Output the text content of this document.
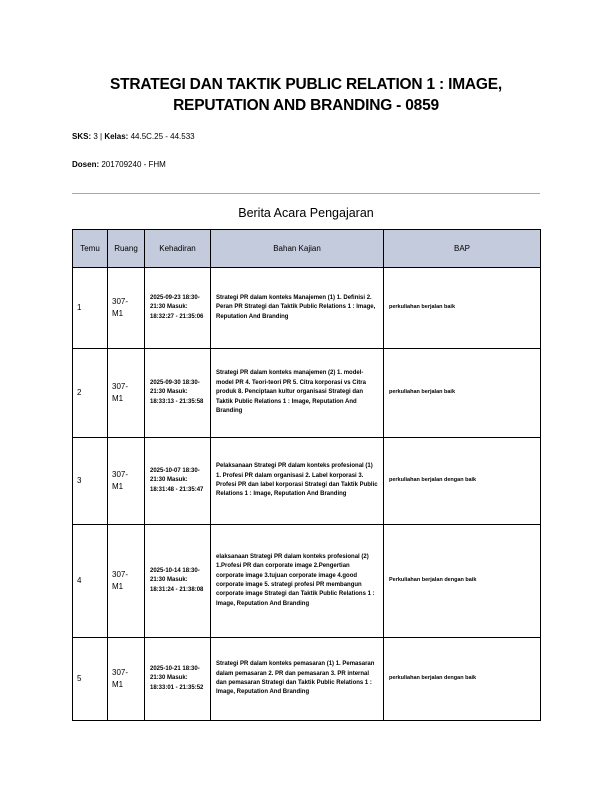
STRATEGI DAN TAKTIK PUBLIC RELATION 1 : IMAGE, REPUTATION AND BRANDING - 0859
SKS: 3 | Kelas: 44.5C.25 - 44.533
Dosen: 201709240 - FHM
Berita Acara Pengajaran
Temu	Ruang	Kehadiran	Bahan Kajian	BAP
1	307-M1	2025-09-23 18:30-21:30 Masuk: 18:32:27 - 21:35:06	Strategi PR dalam konteks Manajemen (1) 1. Definisi 2. Peran PR Strategi dan Taktik Public Relations 1 : Image, Reputation And Branding	perkuliahan berjalan baik
2	307-M1	2025-09-30 18:30-21:30 Masuk: 18:33:13 - 21:35:58	Strategi PR dalam konteks manajemen (2) 1. model-model PR 4. Teori-teori PR 5. Citra korporasi vs Citra produk 8. Penciptaan kultur organisasi Strategi dan Taktik Public Relations 1 : Image, Reputation And Branding	perkuliahan berjalan baik
3	307-M1	2025-10-07 18:30-21:30 Masuk: 18:31:48 - 21:35:47	Pelaksanaan Strategi PR dalam konteks profesional (1) 1. Profesi PR dalam organisasi 2. Label korporasi 3. Profesi PR dan label korporasi Strategi dan Taktik Public Relations 1 : Image, Reputation And Branding	perkuliahan berjalan dengan baik
4	307-M1	2025-10-14 18:30-21:30 Masuk: 18:31:24 - 21:38:08	elaksanaan Strategi PR dalam konteks profesional (2) 1.Profesi PR dan corporate image 2.Pengertian corporate image 3.tujuan corporate image 4.good corporate image 5. strategi profesi PR membangun corporate image Strategi dan Taktik Public Relations 1 : Image, Reputation And Branding	Perkuliahan berjalan dengan baik
5	307-M1	2025-10-21 18:30-21:30 Masuk: 18:33:01 - 21:35:52	Strategi PR dalam konteks pemasaran (1) 1. Pemasaran dalam pemasaran 2. PR dan pemasaran 3. PR internal dan pemasaran Strategi dan Taktik Public Relations 1 : Image, Reputation And Branding	perkuliahan berjalan dengan baik
